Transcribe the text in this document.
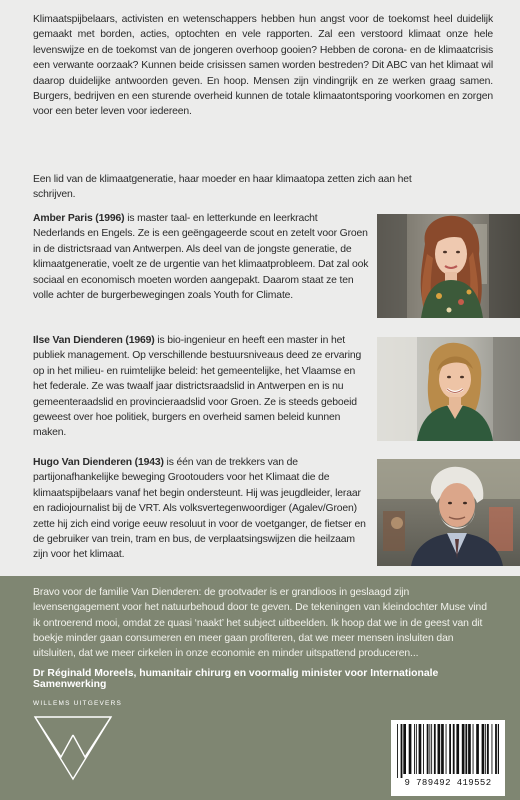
Klimaatspijbelaars, activisten en wetenschappers hebben hun angst voor de toekomst heel duidelijk gemaakt met borden, acties, optochten en vele rapporten. Zal een verstoord klimaat onze hele levenswijze en de toekomst van de jongeren overhoop gooien? Hebben de corona- en de klimaatcrisis een verwante oorzaak? Kunnen beide crisissen samen worden bestreden? Dit ABC van het klimaat wil daarop duidelijke antwoorden geven. En hoop. Mensen zijn vindingrijk en ze werken graag samen. Burgers, bedrijven en een sturende overheid kunnen de totale klimaatontsporing voorkomen en zorgen voor een beter leven voor iedereen.

Een lid van de klimaatgeneratie, haar moeder en haar klimaatopa zetten zich aan het schrijven.
Amber Paris (1996) is master taal- en letterkunde en leerkracht Nederlands en Engels. Ze is een geëngageerde scout en zetelt voor Groen in de districtsraad van Antwerpen. Als deel van de jongste generatie, de klimaatgeneratie, voelt ze de urgentie van het klimaatprobleem. Dat zal ook sociaal en economisch moeten worden aangepakt. Daarom staat ze ten volle achter de burgerbewegingen zoals Youth for Climate.
Ilse Van Dienderen (1969) is bio-ingenieur en heeft een master in het publiek management. Op verschillende bestuursniveaus deed ze ervaring op in het milieu- en ruimtelijke beleid: het gemeentelijke, het Vlaamse en het federale. Ze was twaalf jaar districtsraadslid in Antwerpen en is nu gemeenteraadslid en provincieraadslid voor Groen. Ze is steeds geboeid geweest over hoe politiek, burgers en overheid samen beleid kunnen maken.
Hugo Van Dienderen (1943) is één van de trekkers van de partijonafhankelijke beweging Grootouders voor het Klimaat die de klimaatspijbelaars vanaf het begin ondersteunt. Hij was jeugdleider, leraar en radiojournalist bij de VRT. Als volksvertegenwoordiger (Agalev/Groen) zette hij zich eind vorige eeuw resoluut in voor de voetganger, de fietser en de gebruiker van trein, tram en bus, de verplaatsingswijzen die heilzaam zijn voor het klimaat.
Bravo voor de familie Van Dienderen: de grootvader is er grandioos in geslaagd zijn levensengagement voor het natuurbehoud door te geven. De tekeningen van kleindochter Muse vind ik ontroerend mooi, omdat ze quasi ‘naakt’ het subject uitbeelden. Ik hoop dat we in de geest van dit boekje minder gaan consumeren en meer gaan profiteren, dat we meer mensen insluiten dan uitsluiten, dat we meer cirkelen in onze economie en minder uitspattend produceren...
Dr Réginald Moreels, humanitair chirurg en voormalig minister voor Internationale Samenwerking
WILLEMS UITGEVERS
9 789492 419552
